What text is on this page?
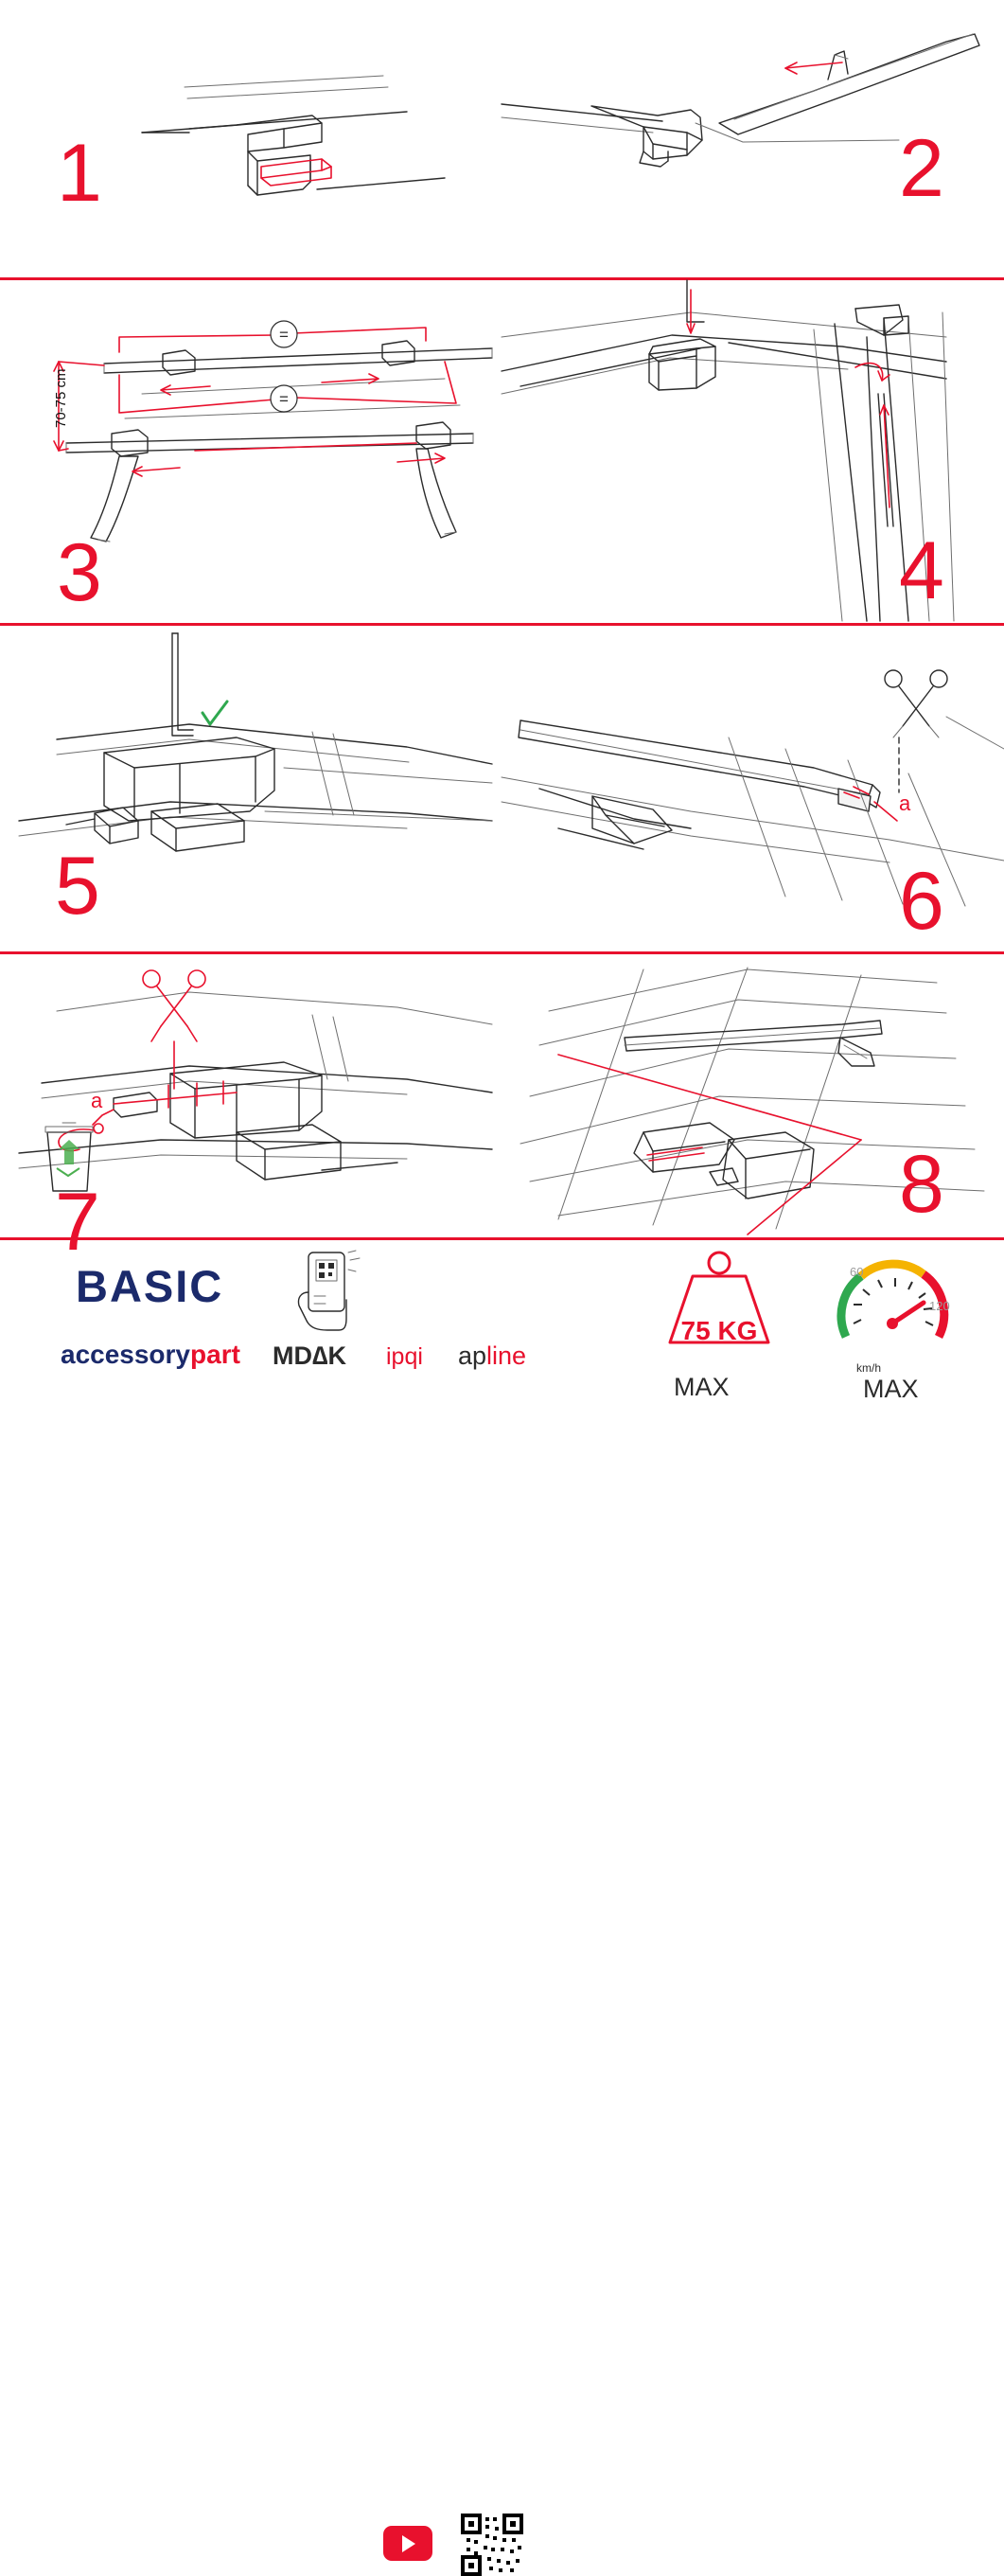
1	2
=
=
70-75 cm
3	4
5
a
6
a
7	8
BASIC
accessorypart MD∆K ipqi apline
75 KG
MAX
60
120
km/h
MAX
